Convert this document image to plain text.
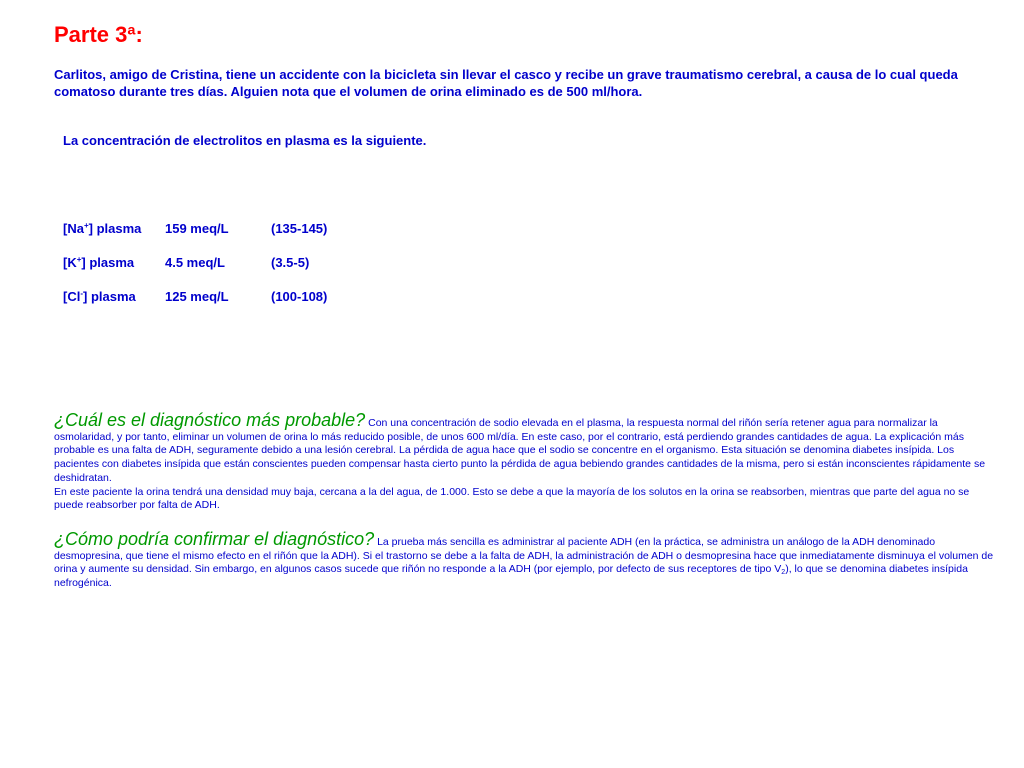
Parte 3ª:

Carlitos, amigo de Cristina, tiene un accidente con la bicicleta sin llevar el casco y recibe un grave traumatismo cerebral, a causa de lo cual queda comatoso durante tres días. Alguien nota que el volumen de orina eliminado es de 500 ml/hora.

La concentración de electrolitos en plasma es la siguiente.

[Na+] plasma 159 meq/L	(135-145)
[K+] plasma 4.5 meq/L	(3.5-5)
[Cl-] plasma 125 meq/L	(100-108)
¿Cuál es el diagnóstico más probable? Con una concentración de sodio elevada en el plasma, la respuesta normal del riñón sería retener agua para normalizar la osmolaridad, y por tanto, eliminar un volumen de orina lo más reducido posible, de unos 600 ml/día. En este caso, por el contrario, está perdiendo grandes cantidades de agua. La explicación más probable es una falta de ADH, seguramente debido a una lesión cerebral. La pérdida de agua hace que el sodio se concentre en el organismo. Esta situación se denomina diabetes insípida. Los pacientes con diabetes insípida que están conscientes pueden compensar hasta cierto punto la pérdida de agua bebiendo grandes cantidades de la misma, pero si están inconscientes rápidamente se deshidratan.
En este paciente la orina tendrá una densidad muy baja, cercana a la del agua, de 1.000. Esto se debe a que la mayoría de los solutos en la orina se reabsorben, mientras que parte del agua no se puede reabsorber por falta de ADH.
¿Cómo podría confirmar el diagnóstico? La prueba más sencilla es administrar al paciente ADH (en la práctica, se administra un análogo de la ADH denominado desmopresina, que tiene el mismo efecto en el riñón que la ADH). Si el trastorno se debe a la falta de ADH, la administración de ADH o desmopresina hace que inmediatamente disminuya el volumen de orina y aumente su densidad. Sin embargo, en algunos casos sucede que riñón no responde a la ADH (por ejemplo, por defecto de sus receptores de tipo $V_2$), lo que se denomina diabetes insípida nefrogénica.
